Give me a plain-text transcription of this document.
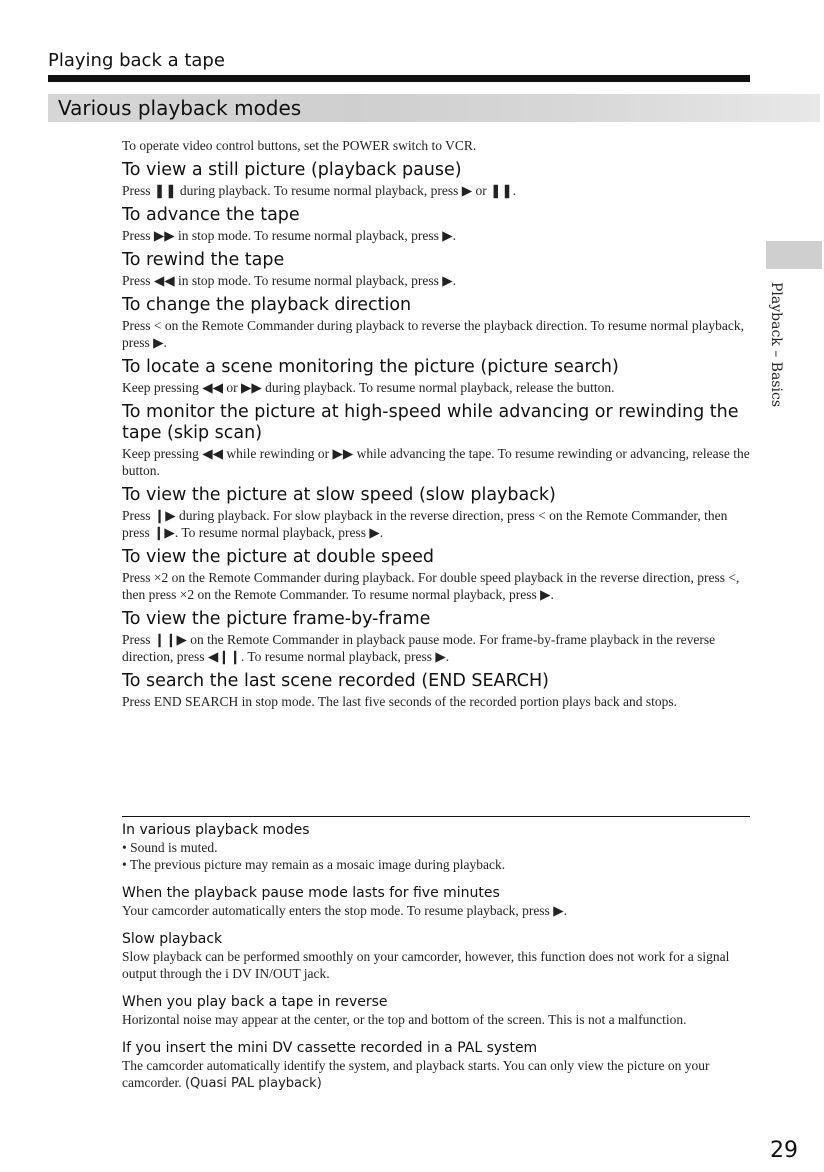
Playing back a tape
Various playback modes
Playback – Basics

To operate video control buttons, set the POWER switch to VCR.

To view a still picture (playback pause)

Press ❚❚ during playback. To resume normal playback, press ▶ or ❚❚.

To advance the tape

Press ▶▶ in stop mode. To resume normal playback, press ▶.

To rewind the tape

Press ◀◀ in stop mode. To resume normal playback, press ▶.

To change the playback direction

Press < on the Remote Commander during playback to reverse the playback direction. To resume normal playback, press ▶.

To locate a scene monitoring the picture (picture search)

Keep pressing ◀◀ or ▶▶ during playback. To resume normal playback, release the button.

To monitor the picture at high-speed while advancing or rewinding the tape (skip scan)

Keep pressing ◀◀ while rewinding or ▶▶ while advancing the tape. To resume rewinding or advancing, release the button.

To view the picture at slow speed (slow playback)

Press ❙▶ during playback. For slow playback in the reverse direction, press < on the Remote Commander, then press ❙▶. To resume normal playback, press ▶.

To view the picture at double speed

Press ×2 on the Remote Commander during playback. For double speed playback in the reverse direction, press <, then press ×2 on the Remote Commander. To resume normal playback, press ▶.

To view the picture frame-by-frame

Press ❙❙▶ on the Remote Commander in playback pause mode. For frame-by-frame playback in the reverse direction, press ◀❙❙. To resume normal playback, press ▶.

To search the last scene recorded (END SEARCH)

Press END SEARCH in stop mode. The last five seconds of the recorded portion plays back and stops.

In various playback modes

• Sound is muted.

• The previous picture may remain as a mosaic image during playback.

When the playback pause mode lasts for five minutes

Your camcorder automatically enters the stop mode. To resume playback, press ▶.

Slow playback

Slow playback can be performed smoothly on your camcorder, however, this function does not work for a signal output through the i DV IN/OUT jack.

When you play back a tape in reverse

Horizontal noise may appear at the center, or the top and bottom of the screen. This is not a malfunction.

If you insert the mini DV cassette recorded in a PAL system

The camcorder automatically identify the system, and playback starts. You can only view the picture on your camcorder. (Quasi PAL playback)

29
